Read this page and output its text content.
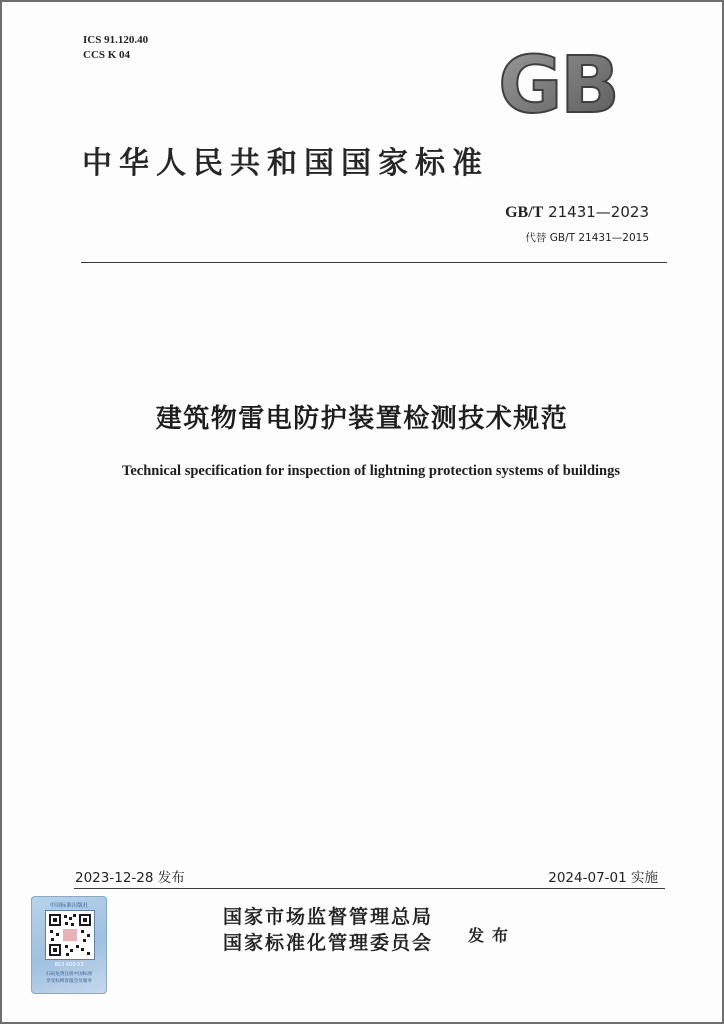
ICS 91.120.40
CCS K 04	GB
中华人民共和国国家标准
GB/T 21431—2023
代替 GB/T 21431—2015
建筑物雷电防护装置检测技术规范
Technical specification for inspection of lightning protection systems of buildings
2023-12-28 发布	2024-07-01 实施
国家市场监督管理总局
国家标准化管理委员会 发布
中国标准出版社
BS3 4R0·03
扫码免费注册中国标网
享受标网客服会员服务
